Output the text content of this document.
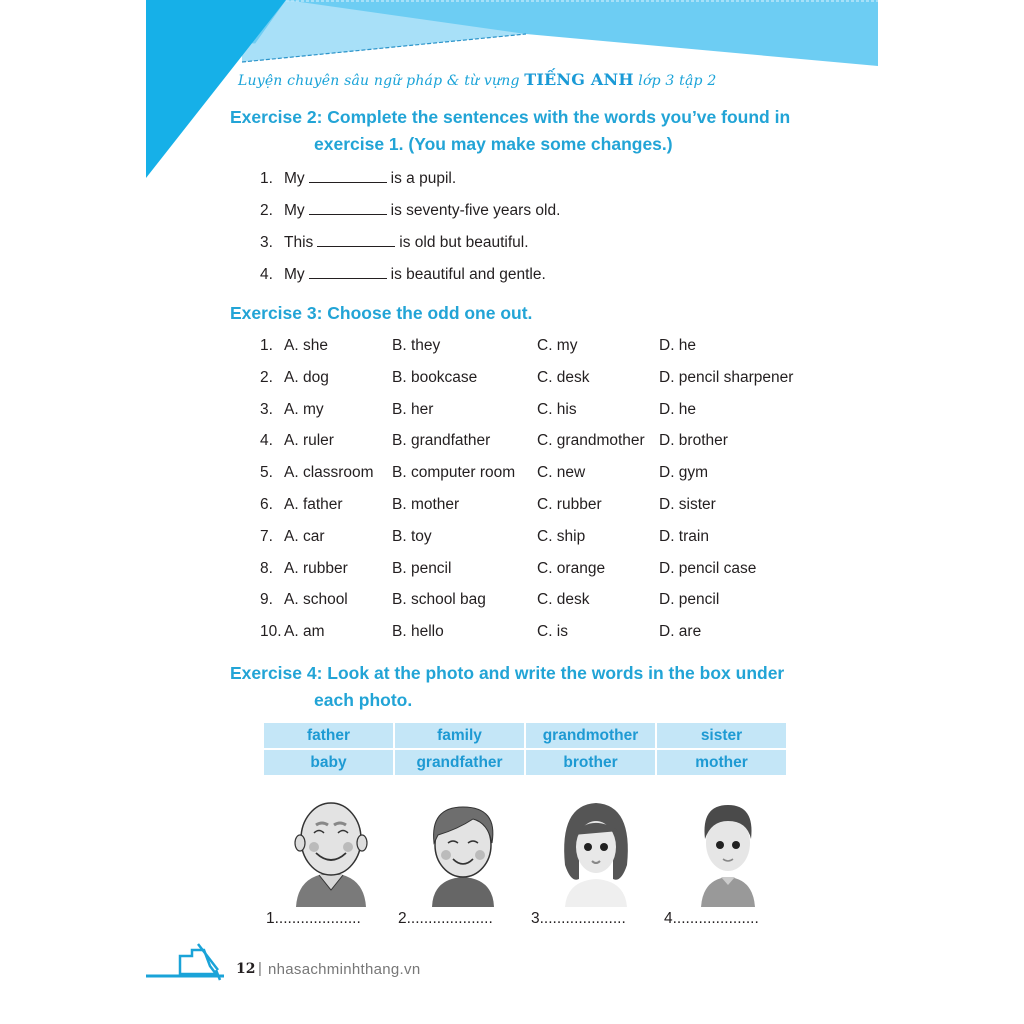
Luyện chuyên sâu ngữ pháp & từ vựng TIẾNG ANH lớp 3 tập 2
Exercise 2: Complete the sentences with the words you’ve found in
exercise 1. (You may make some changes.)
1. My	is a pupil.
2. My	is seventy-five years old.
3. This	is old but beautiful.
4. My	is beautiful and gentle.
Exercise 3: Choose the odd one out.
1. A. she	B. they	C. my	D. he
2. A. dog	B. bookcase	C. desk	D. pencil sharpener
3. A. my	B. her	C. his	D. he
4. A. ruler	B. grandfather	C. grandmother D. brother
5. A. classroom B. computer room C. new	D. gym
6. A. father	B. mother	C. rubber	D. sister
7. A. car	B. toy	C. ship	D. train
8. A. rubber	B. pencil	C. orange	D. pencil case
9. A. school	B. school bag	C. desk	D. pencil
10. A. am	B. hello	C. is	D. are
Exercise 4: Look at the photo and write the words in the box under
each photo.
father	family	grandmother	sister
baby	grandfather	brother	mother
1.................... 2.................... 3.................... 4....................
12 | nhasachminhthang.vn
